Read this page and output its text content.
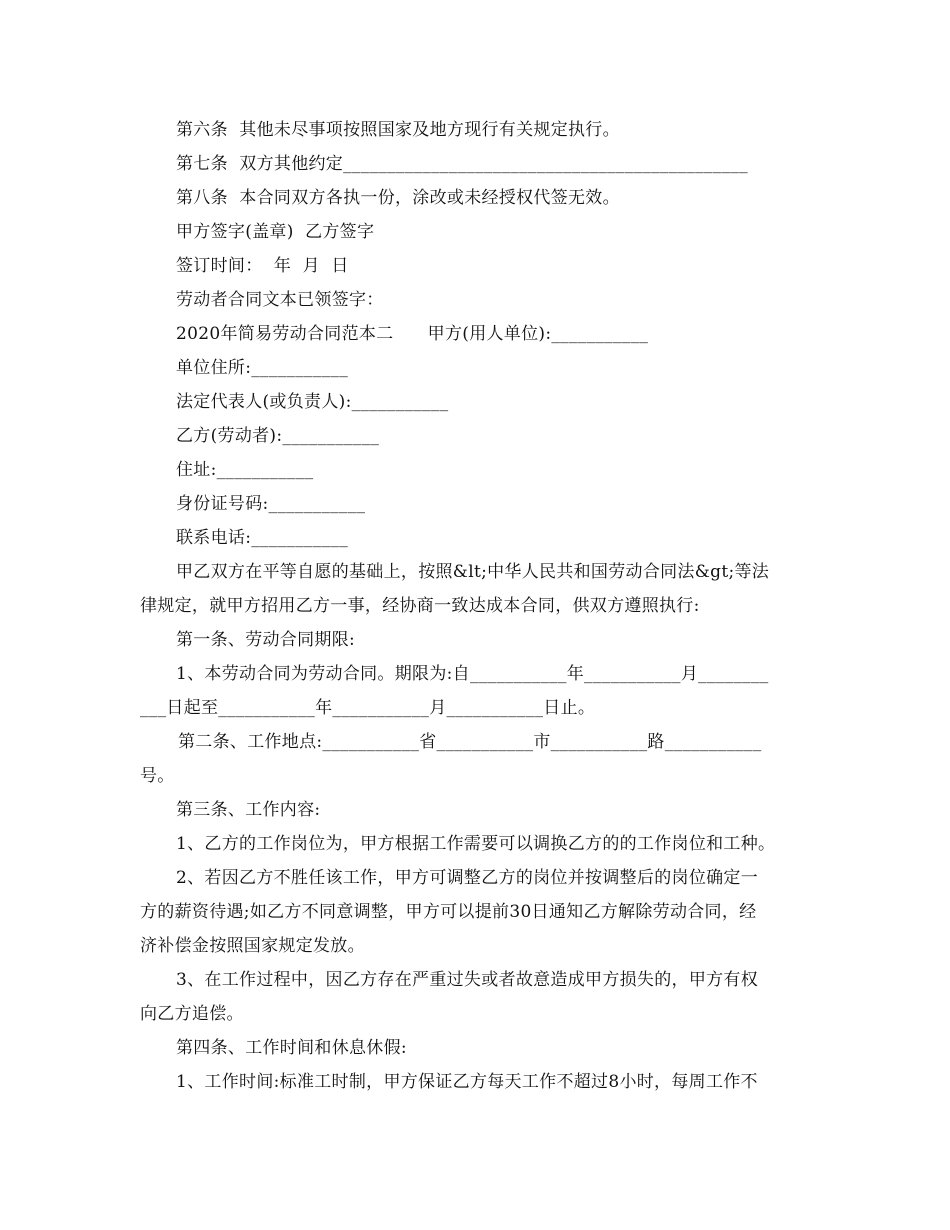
第六条  其他未尽事项按照国家及地方现行有关规定执行。
第七条  双方其他约定______________________________________________
第八条  本合同双方各执一份，涂改或未经授权代签无效。
甲方签字(盖章)  乙方签字
签订时间：  年  月  日
劳动者合同文本已领签字：
2020年简易劳动合同范本二      甲方(用人单位):___________
单位住所:___________
法定代表人(或负责人):___________
乙方(劳动者):___________
住址:___________
身份证号码:___________
联系电话:___________
甲乙双方在平等自愿的基础上，按照&lt;中华人民共和国劳动合同法&gt;等法
律规定，就甲方招用乙方一事，经协商一致达成本合同，供双方遵照执行:
第一条、劳动合同期限:
1、本劳动合同为劳动合同。期限为:自___________年___________月________
___日起至___________年___________月___________日止。
第二条、工作地点:___________省___________市___________路___________
号。
第三条、工作内容:
1、乙方的工作岗位为，甲方根据工作需要可以调换乙方的的工作岗位和工种。
2、若因乙方不胜任该工作，甲方可调整乙方的岗位并按调整后的岗位确定一
方的薪资待遇;如乙方不同意调整，甲方可以提前30日通知乙方解除劳动合同，经
济补偿金按照国家规定发放。
3、在工作过程中，因乙方存在严重过失或者故意造成甲方损失的，甲方有权
向乙方追偿。
第四条、工作时间和休息休假:
1、工作时间:标准工时制，甲方保证乙方每天工作不超过8小时，每周工作不
